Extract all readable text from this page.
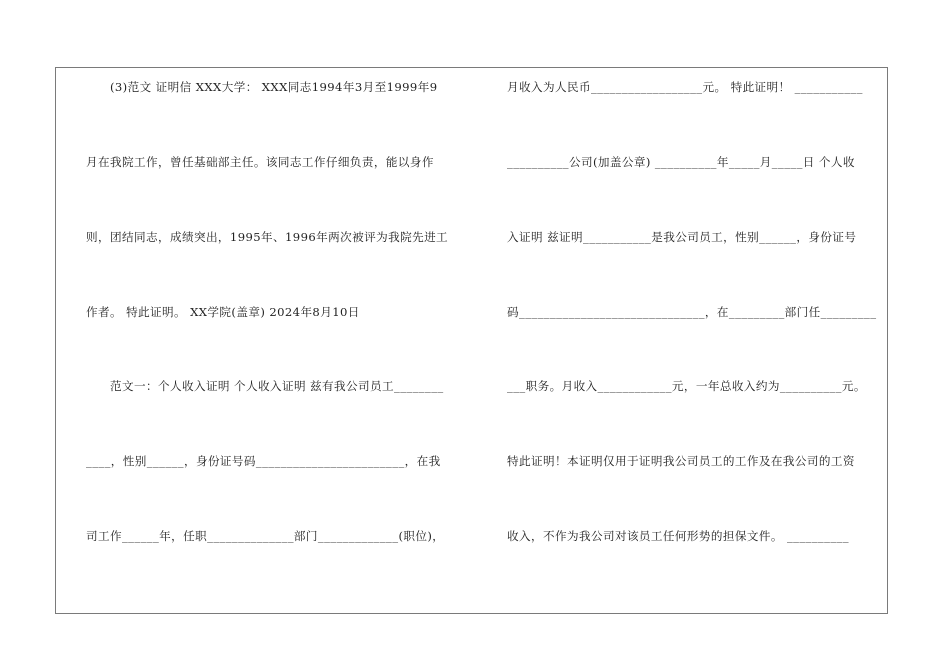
　　(3)范文 证明信 XXX大学： XXX同志1994年3月至1999年9
月在我院工作，曾任基础部主任。该同志工作仔细负责，能以身作
则，团结同志，成绩突出，1995年、1996年两次被评为我院先进工
作者。 特此证明。 XX学院(盖章) 2024年8月10日
　　范文一：个人收入证明 个人收入证明 兹有我公司员工________
____，性别______，身份证号码________________________，在我
司工作______年，任职______________部门_____________(职位)，
月收入为人民币__________________元。 特此证明！ ___________
__________公司(加盖公章) __________年_____月_____日 个人收
入证明 兹证明___________是我公司员工，性别______，身份证号
码______________________________，在_________部门任_________
___职务。月收入____________元，一年总收入约为__________元。
特此证明！本证明仅用于证明我公司员工的工作及在我公司的工资
收入，不作为我公司对该员工任何形势的担保文件。 __________
